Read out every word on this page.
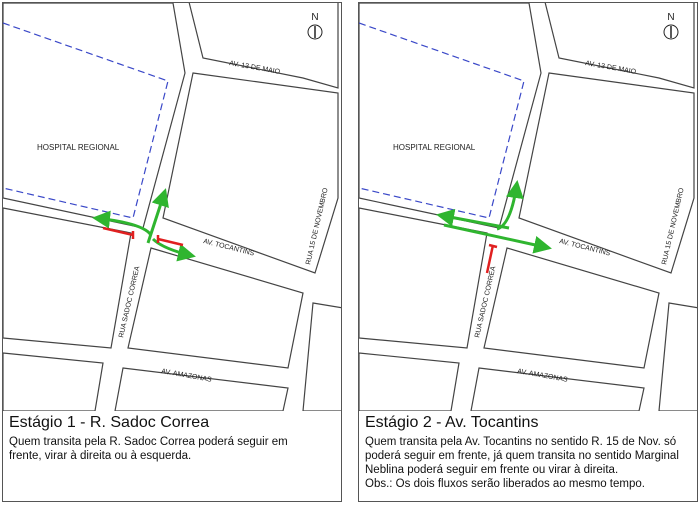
N
AV. 13 DE MAIO
HOSPITAL REGIONAL
AV. TOCANTINS	RUA 15 DE NOVEMBRO
RUA SADOC CORREA
AV. AMAZONAS

Estágio 1 - R. Sadoc Correa

Quem transita pela R. Sadoc Correa poderá seguir em

frente, virar à direita ou à esquerda.

N
AV. 13 DE MAIO
HOSPITAL REGIONAL
AV. TOCANTINS	RUA 15 DE NOVEMBRO
RUA SADOC CORREA
AV. AMAZONAS

Estágio 2 - Av. Tocantins

Quem transita pela Av. Tocantins no sentido R. 15 de Nov. só

poderá seguir em frente, já quem transita no sentido Marginal

Neblina poderá seguir em frente ou virar à direita.

Obs.: Os dois fluxos serão liberados ao mesmo tempo.
